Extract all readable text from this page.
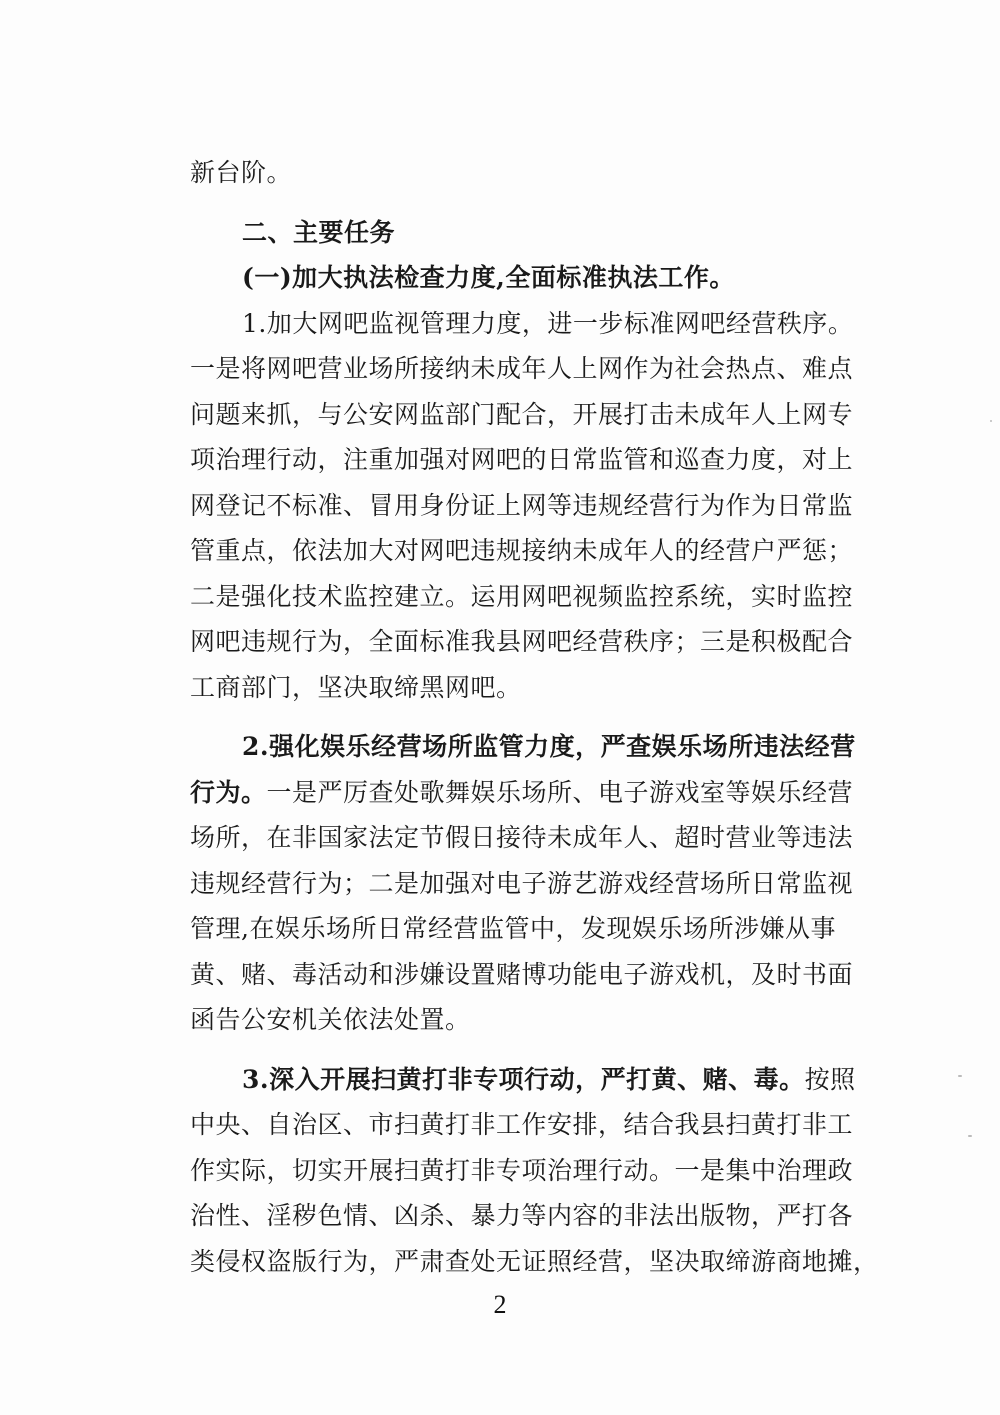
新台阶。
二、主要任务
(一)加大执法检查力度,全面标准执法工作。
1.加大网吧监视管理力度，进一步标准网吧经营秩序。
一是将网吧营业场所接纳未成年人上网作为社会热点、难点
问题来抓，与公安网监部门配合，开展打击未成年人上网专
项治理行动，注重加强对网吧的日常监管和巡查力度，对上
网登记不标准、冒用身份证上网等违规经营行为作为日常监
管重点，依法加大对网吧违规接纳未成年人的经营户严惩；
二是强化技术监控建立。运用网吧视频监控系统，实时监控
网吧违规行为，全面标准我县网吧经营秩序；三是积极配合
工商部门，坚决取缔黑网吧。
2.强化娱乐经营场所监管力度，严查娱乐场所违法经营
行为。一是严厉查处歌舞娱乐场所、电子游戏室等娱乐经营
场所，在非国家法定节假日接待未成年人、超时营业等违法
违规经营行为；二是加强对电子游艺游戏经营场所日常监视
管理,在娱乐场所日常经营监管中，发现娱乐场所涉嫌从事
黄、赌、毒活动和涉嫌设置赌博功能电子游戏机，及时书面
函告公安机关依法处置。
3.深入开展扫黄打非专项行动，严打黄、赌、毒。按照
中央、自治区、市扫黄打非工作安排，结合我县扫黄打非工
作实际，切实开展扫黄打非专项治理行动。一是集中治理政
治性、淫秽色情、凶杀、暴力等内容的非法出版物，严打各
类侵权盗版行为，严肃查处无证照经营，坚决取缔游商地摊，
2
